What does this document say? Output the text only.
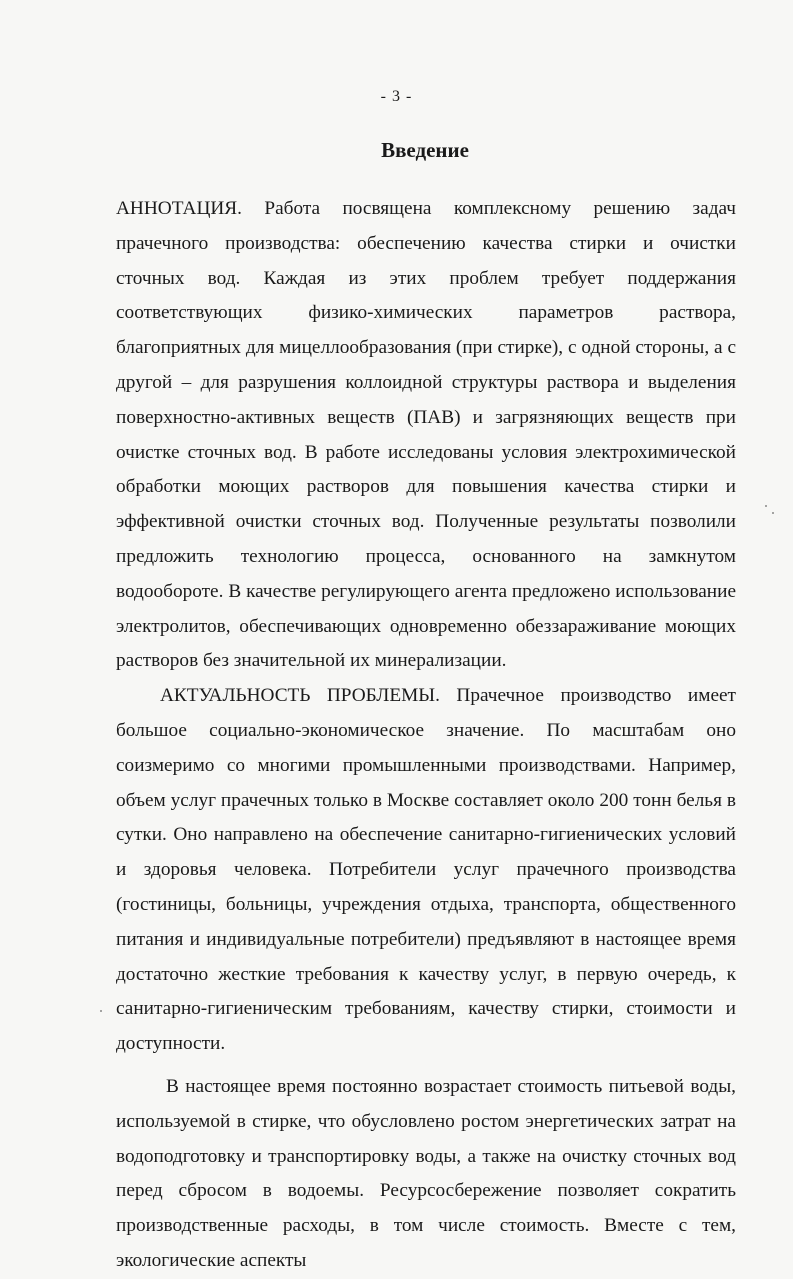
- 3 -
Введение

АННОТАЦИЯ. Работа посвящена комплексному решению задач прачечного производства: обеспечению качества стирки и очистки сточных вод. Каждая из этих проблем требует поддержания соответствующих физико-химических параметров раствора, благоприятных для мицеллообразования (при стирке), с одной стороны, а с другой – для разрушения коллоидной структуры раствора и выделения поверхностно-активных веществ (ПАВ) и загрязняющих веществ при очистке сточных вод. В работе исследованы условия электрохимической обработки моющих растворов для повышения качества стирки и эффективной очистки сточных вод. Полученные результаты позволили предложить технологию процесса, основанного на замкнутом водообороте. В качестве регулирующего агента предложено использование электролитов, обеспечивающих одновременно обеззараживание моющих растворов без значительной их минерализации.

АКТУАЛЬНОСТЬ ПРОБЛЕМЫ. Прачечное производство имеет большое социально-экономическое значение. По масштабам оно соизмеримо со многими промышленными производствами. Например, объем услуг прачечных только в Москве составляет около 200 тонн белья в сутки. Оно направлено на обеспечение санитарно-гигиенических условий и здоровья человека. Потребители услуг прачечного производства (гостиницы, больницы, учреждения отдыха, транспорта, общественного питания и индивидуальные потребители) предъявляют в настоящее время достаточно жесткие требования к качеству услуг, в первую очередь, к санитарно-гигиеническим требованиям, качеству стирки, стоимости и доступности.

В настоящее время постоянно возрастает стоимость питьевой воды, используемой в стирке, что обусловлено ростом энергетических затрат на водоподготовку и транспортировку воды, а также на очистку сточных вод перед сбросом в водоемы. Ресурсосбережение позволяет сократить производственные расходы, в том числе стоимость. Вместе с тем, экологические аспекты
